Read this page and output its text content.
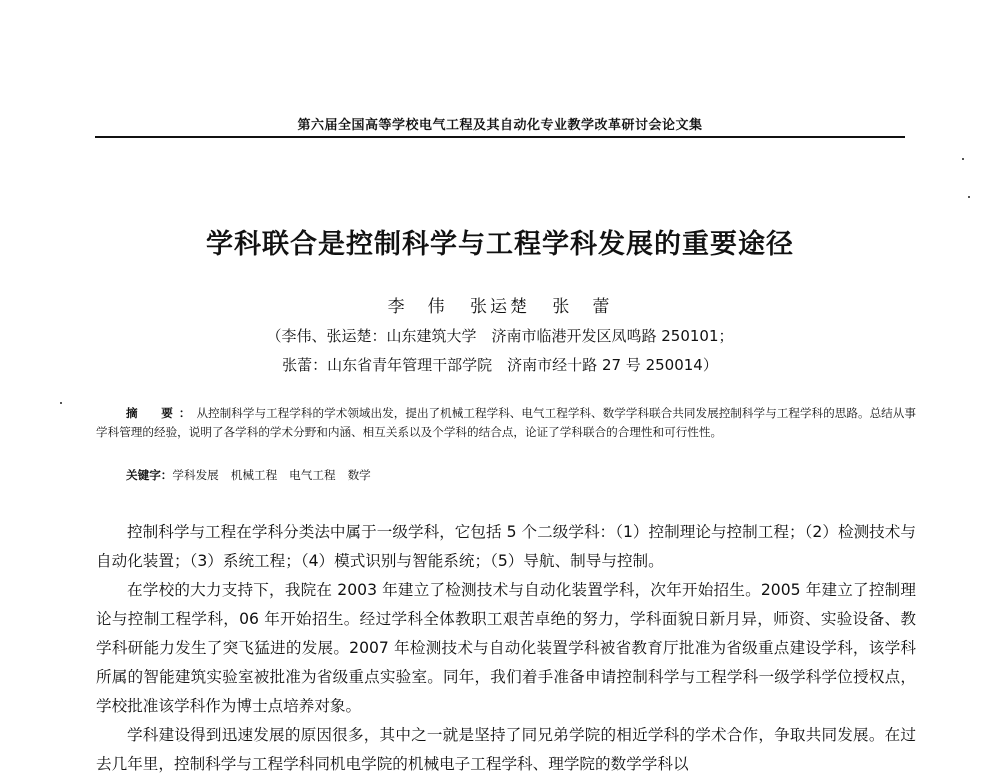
第六届全国高等学校电气工程及其自动化专业教学改革研讨会论文集
学科联合是控制科学与工程学科发展的重要途径
李　伟 张运楚 张　蕾
（李伟、张运楚：山东建筑大学　济南市临港开发区凤鸣路 250101；
张蕾：山东省青年管理干部学院　济南市经十路 27 号 250014）
摘　要：从控制科学与工程学科的学术领域出发，提出了机械工程学科、电气工程学科、数学学科联合共同发展控制科学与工程学科的思路。总结从事学科管理的经验，说明了各学科的学术分野和内涵、相互关系以及个学科的结合点，论证了学科联合的合理性和可行性性。
关键字：学科发展 机械工程 电气工程 数学

控制科学与工程在学科分类法中属于一级学科，它包括 5 个二级学科：（1）控制理论与控制工程；（2）检测技术与自动化装置；（3）系统工程；（4）模式识别与智能系统；（5）导航、制导与控制。

在学校的大力支持下，我院在 2003 年建立了检测技术与自动化装置学科，次年开始招生。2005 年建立了控制理论与控制工程学科，06 年开始招生。经过学科全体教职工艰苦卓绝的努力，学科面貌日新月异，师资、实验设备、教学科研能力发生了突飞猛进的发展。2007 年检测技术与自动化装置学科被省教育厅批准为省级重点建设学科，该学科所属的智能建筑实验室被批准为省级重点实验室。同年，我们着手准备申请控制科学与工程学科一级学科学位授权点，学校批准该学科作为博士点培养对象。

学科建设得到迅速发展的原因很多，其中之一就是坚持了同兄弟学院的相近学科的学术合作，争取共同发展。在过去几年里，控制科学与工程学科同机电学院的机械电子工程学科、理学院的数学学科以
